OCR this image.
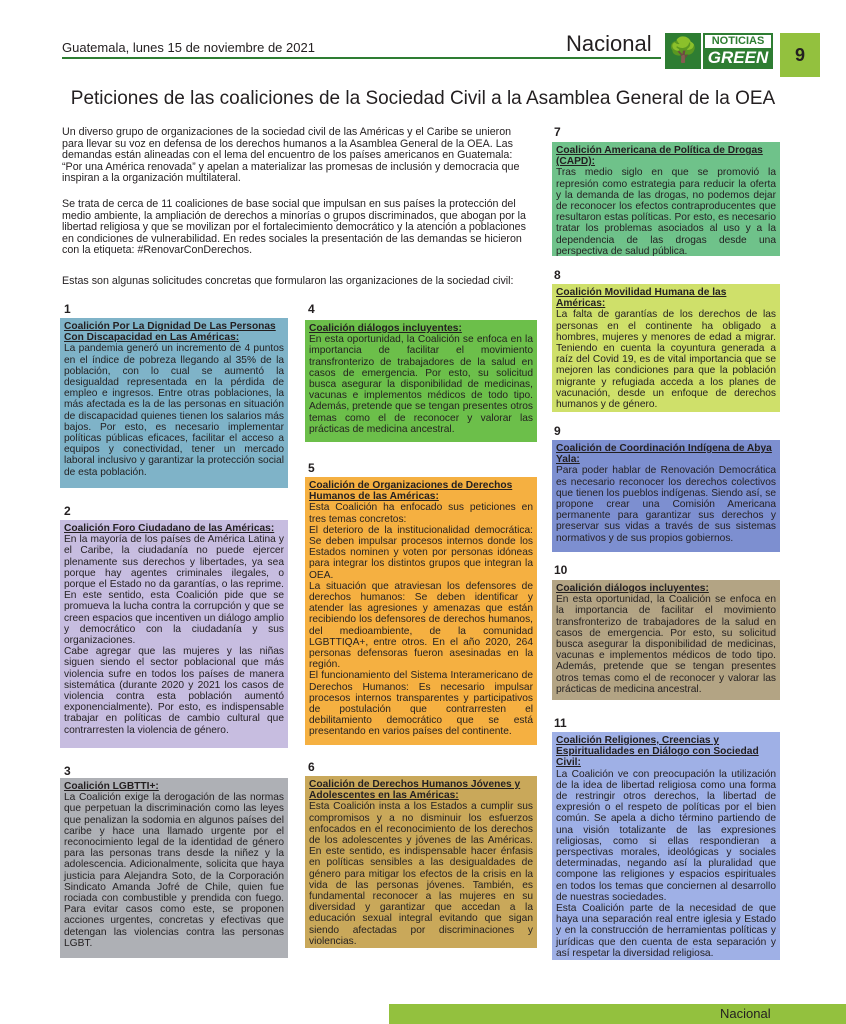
Guatemala, lunes 15 de noviembre de 2021	Nacional 🌳	NOTICIAS
GREEN	9
Peticiones de las coaliciones de la Sociedad Civil a la Asamblea General de la OEA

Un diverso grupo de organizaciones de la sociedad civil de las Américas y el Caribe se unieron para llevar su voz en defensa de los derechos humanos a la Asamblea General de la OEA. Las demandas están alineadas con el lema del encuentro de los países americanos en Guatemala: “Por una América renovada” y apelan a materializar las promesas de inclusión y democracia que inspiran a la organización multilateral.

Se trata de cerca de 11 coaliciones de base social que impulsan en sus países la protección del medio ambiente, la ampliación de derechos a minorías o grupos discriminados, que abogan por la libertad religiosa y que se movilizan por el fortalecimiento democrático y la atención a poblaciones en condiciones de vulnerabilidad. En redes sociales la presentación de las demandas se hicieron con la etiqueta: #RenovarConDerechos.

Estas son algunas solicitudes concretas que formularon las organizaciones de la sociedad civil:

1

Coalición Por La Dignidad De Las Personas Con Discapacidad en Las Américas:

La pandemia generó un incremento de 4 puntos en el índice de pobreza llegando al 35% de la población, con lo cual se aumentó la desigualdad representada en la pérdida de empleo e ingresos. Entre otras poblaciones, la más afectada es la de las personas en situación de discapacidad quienes tienen los salarios más bajos. Por esto, es necesario implementar políticas públicas eficaces, facilitar el acceso a equipos y conectividad, tener un mercado laboral inclusivo y garantizar la protección social de esta población.

2

Coalición Foro Ciudadano de las Américas:

En la mayoría de los países de América Latina y el Caribe, la ciudadanía no puede ejercer plenamente sus derechos y libertades, ya sea porque hay agentes criminales ilegales, o porque el Estado no da garantías, o las reprime. En este sentido, esta Coalición pide que se promueva la lucha contra la corrupción y que se creen espacios que incentiven un diálogo amplio y democrático con la ciudadanía y sus organizaciones.

Cabe agregar que las mujeres y las niñas siguen siendo el sector poblacional que más violencia sufre en todos los países de manera sistemática (durante 2020 y 2021 los casos de violencia contra esta población aumentó exponencialmente). Por esto, es indispensable trabajar en políticas de cambio cultural que contrarresten la violencia de género.

3

Coalición LGBTTI+:

La Coalición exige la derogación de las normas que perpetuan la discriminación como las leyes que penalizan la sodomia en algunos países del caribe y hace una llamado urgente por el reconocimiento legal de la identidad de género para las personas trans desde la niñez y la adolescencia. Adicionalmente, solicita que haya justicia para Alejandra Soto, de la Corporación Sindicato Amanda Jofré de Chile, quien fue rociada con combustible y prendida con fuego. Para evitar casos como este, se proponen acciones urgentes, concretas y efectivas que detengan las violencias contra las personas LGBT.

4

Coalición diálogos incluyentes:

En esta oportunidad, la Coalición se enfoca en la importancia de facilitar el movimiento transfronterizo de trabajadores de la salud en casos de emergencia. Por esto, su solicitud busca asegurar la disponibilidad de medicinas, vacunas e implementos médicos de todo tipo. Además, pretende que se tengan presentes otros temas como el de reconocer y valorar las prácticas de medicina ancestral.

5

Coalición de Organizaciones de Derechos Humanos de las Américas:

Esta Coalición ha enfocado sus peticiones en tres temas concretos:

El deterioro de la institucionalidad democrática: Se deben impulsar procesos internos donde los Estados nominen y voten por personas idóneas para integrar los distintos grupos que integran la OEA.

La situación que atraviesan los defensores de derechos humanos: Se deben identificar y atender las agresiones y amenazas que están recibiendo los defensores de derechos humanos, del medioambiente, de la comunidad LGBTTIQA+, entre otros. En el año 2020, 264 personas defensoras fueron asesinadas en la región.

El funcionamiento del Sistema Interamericano de Derechos Humanos: Es necesario impulsar procesos internos transparentes y participativos de postulación que contrarresten el debilitamiento democrático que se está presentando en varios países del continente.

6

Coalición de Derechos Humanos Jóvenes y Adolescentes en las Américas:

Esta Coalición insta a los Estados a cumplir sus compromisos y a no disminuir los esfuerzos enfocados en el reconocimiento de los derechos de los adolescentes y jóvenes de las Américas. En este sentido, es indispensable hacer énfasis en políticas sensibles a las desigualdades de género para mitigar los efectos de la crisis en la vida de las personas jóvenes. También, es fundamental reconocer a las mujeres en su diversidad y garantizar que accedan a la educación sexual integral evitando que sigan siendo afectadas por discriminaciones y violencias.

7

Coalición Americana de Política de Drogas (CAPD):

Tras medio siglo en que se promovió la represión como estrategia para reducir la oferta y la demanda de las drogas, no podemos dejar de reconocer los efectos contraproducentes que resultaron estas políticas. Por esto, es necesario tratar los problemas asociados al uso y a la dependencia de las drogas desde una perspectiva de salud pública.

8

Coalición Movilidad Humana de las Américas:

La falta de garantías de los derechos de las personas en el continente ha obligado a hombres, mujeres y menores de edad a migrar. Teniendo en cuenta la coyuntura generada a raíz del Covid 19, es de vital importancia que se mejoren las condiciones para que la población migrante y refugiada acceda a los planes de vacunación, desde un enfoque de derechos humanos y de género.

9

Coalición de Coordinación Indígena de Abya Yala:

Para poder hablar de Renovación Democrática es necesario reconocer los derechos colectivos que tienen los pueblos indígenas. Siendo así, se propone crear una Comisión Americana permanente para garantizar sus derechos y preservar sus vidas a través de sus sistemas normativos y de sus propios gobiernos.

10

Coalición diálogos incluyentes:

En esta oportunidad, la Coalición se enfoca en la importancia de facilitar el movimiento transfronterizo de trabajadores de la salud en casos de emergencia. Por esto, su solicitud busca asegurar la disponibilidad de medicinas, vacunas e implementos médicos de todo tipo. Además, pretende que se tengan presentes otros temas como el de reconocer y valorar las prácticas de medicina ancestral.

11

Coalición Religiones, Creencias y Espiritualidades en Diálogo con Sociedad Civil:

La Coalición ve con preocupación la utilización de la idea de libertad religiosa como una forma de restringir otros derechos, la libertad de expresión o el respeto de políticas por el bien común. Se apela a dicho término partiendo de una visión totalizante de las expresiones religiosas, como si ellas respondieran a perspectivas morales, ideológicas y sociales determinadas, negando así la pluralidad que compone las religiones y espacios espirituales en todos los temas que conciernen al desarrollo de nuestras sociedades.

Esta Coalición parte de la necesidad de que haya una separación real entre iglesia y Estado y en la construcción de herramientas políticas y jurídicas que den cuenta de esta separación y así respetar la diversidad religiosa.

Nacional
